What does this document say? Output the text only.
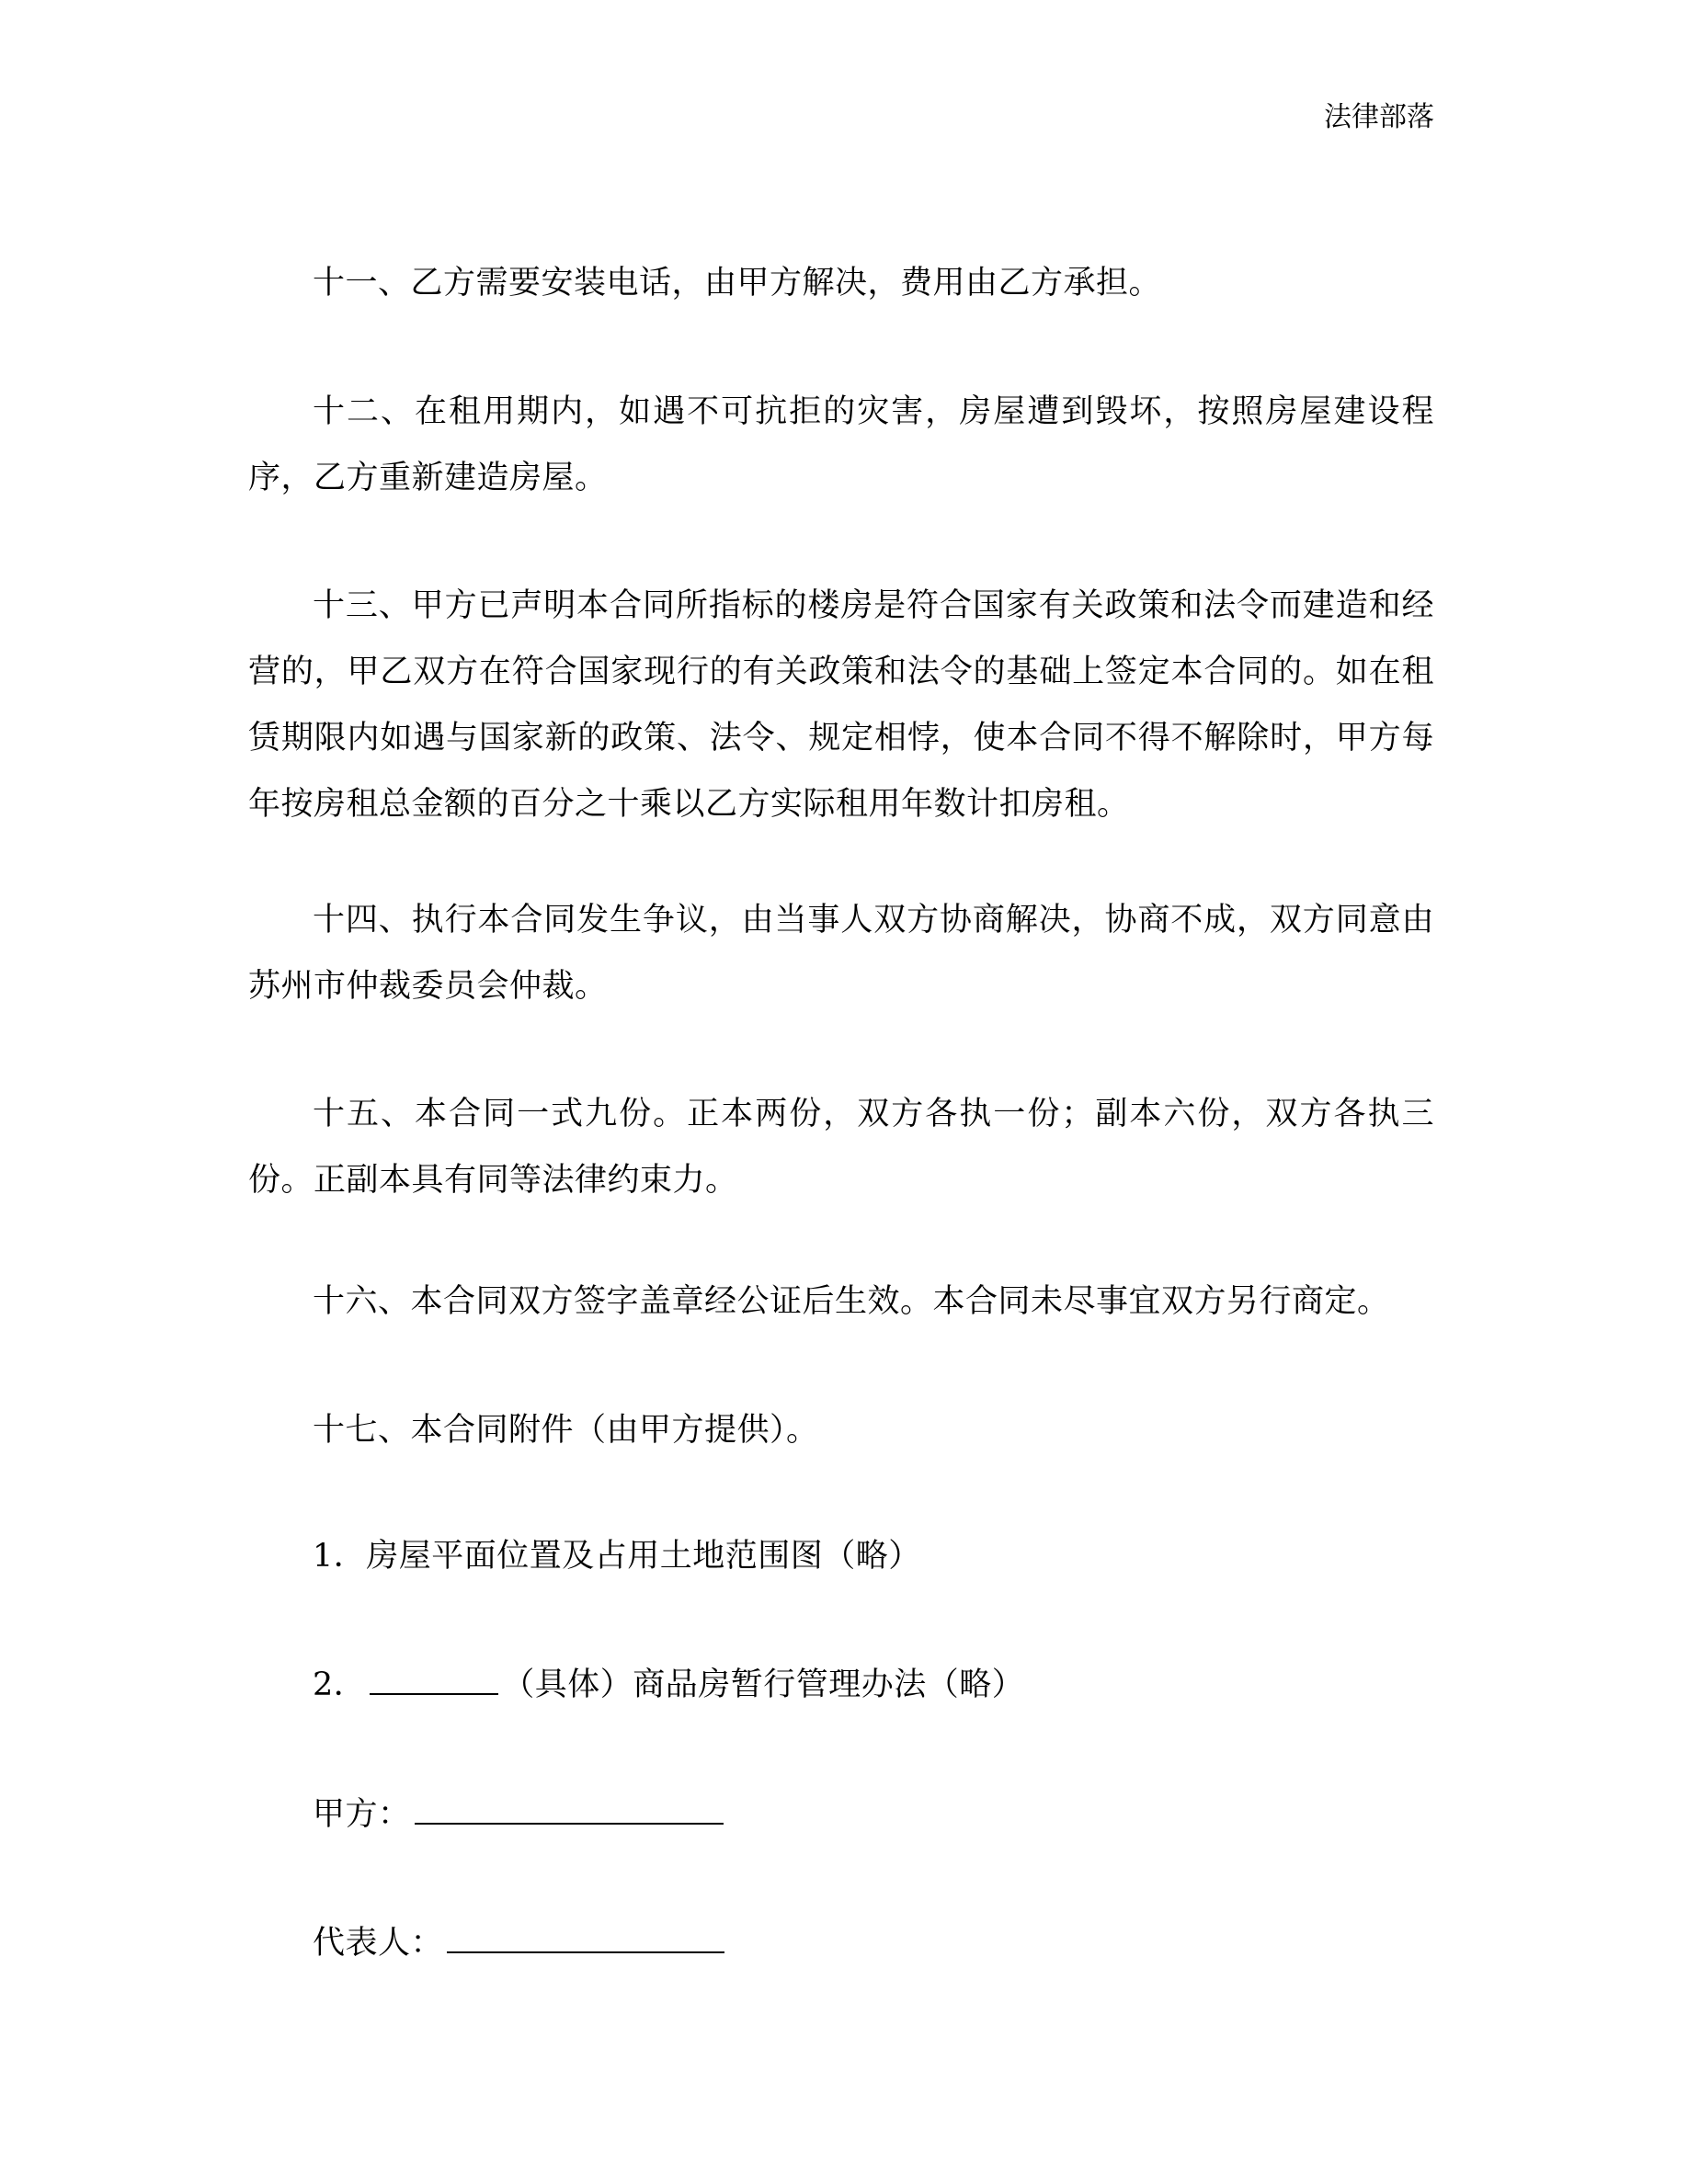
法律部落
十一、乙方需要安装电话，由甲方解决，费用由乙方承担。
十二、在租用期内，如遇不可抗拒的灾害，房屋遭到毁坏，按照房屋建设程序，乙方重新建造房屋。
十三、甲方已声明本合同所指标的楼房是符合国家有关政策和法令而建造和经营的，甲乙双方在符合国家现行的有关政策和法令的基础上签定本合同的。如在租赁期限内如遇与国家新的政策、法令、规定相悖，使本合同不得不解除时，甲方每年按房租总金额的百分之十乘以乙方实际租用年数计扣房租。
十四、执行本合同发生争议，由当事人双方协商解决，协商不成，双方同意由苏州市仲裁委员会仲裁。
十五、本合同一式九份。正本两份，双方各执一份；副本六份，双方各执三份。正副本具有同等法律约束力。
十六、本合同双方签字盖章经公证后生效。本合同未尽事宜双方另行商定。
十七、本合同附件（由甲方提供）。
1．房屋平面位置及占用土地范围图（略）
2．	（具体）商品房暂行管理办法（略）
甲方：
代表人：
